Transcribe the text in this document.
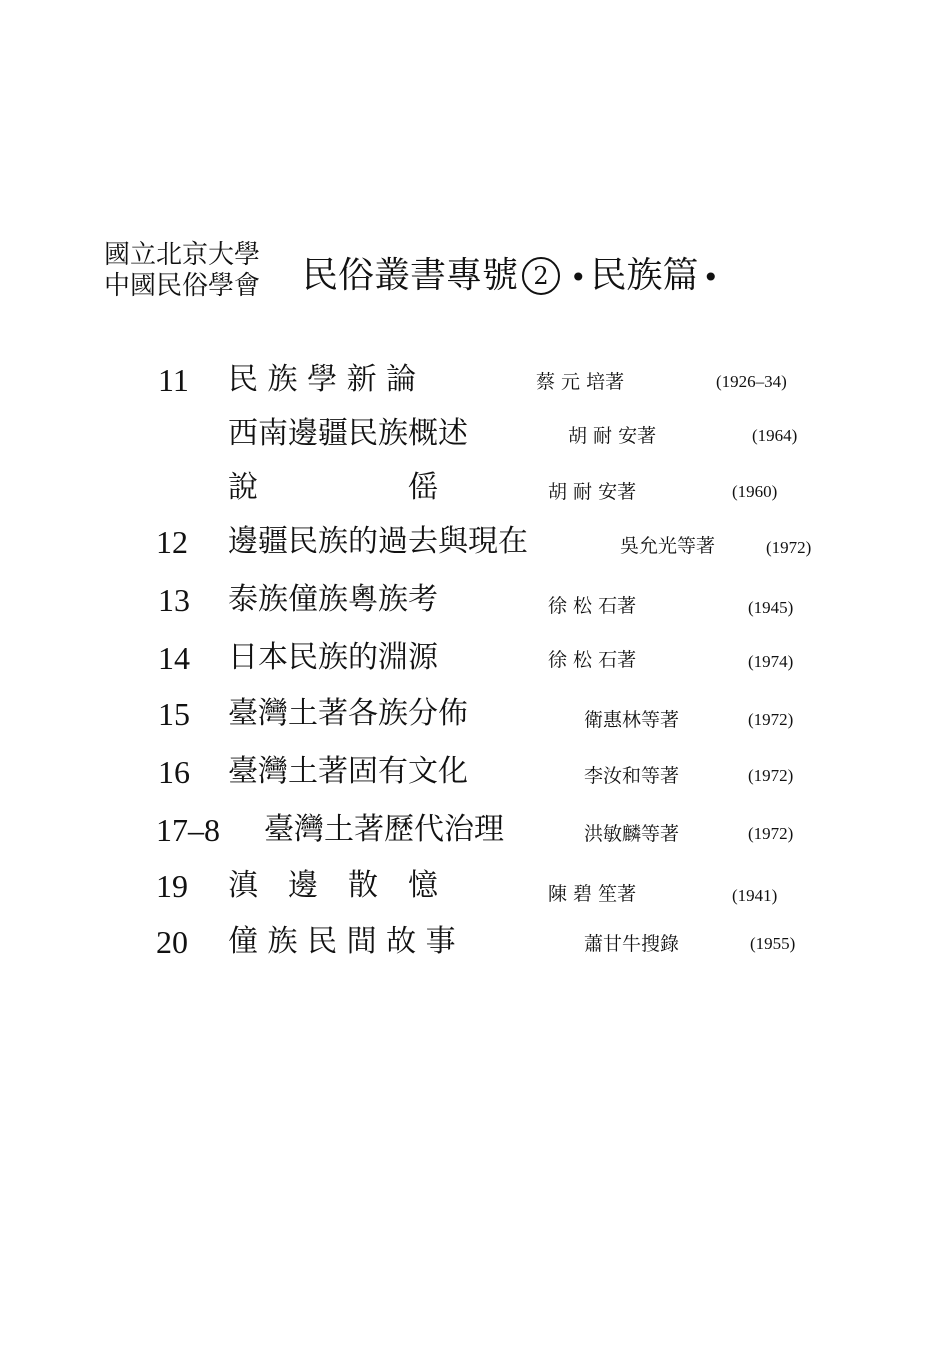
國立北京大學
中國民俗學會 民俗叢書專號 2 • 民族篇 •
11 民 族 學 新 論	蔡 元 培著	(1926–34)
西南邊疆民族概述	胡 耐 安著	(1964)
說　　　　　傜	胡 耐 安著	(1960)
12 邊疆民族的過去與現在	吳允光等著	(1972)
13 泰族僮族粵族考	徐 松 石著	(1945)
14 日本民族的淵源	徐 松 石著	(1974)
15 臺灣土著各族分佈	衛惠林等著	(1972)
16 臺灣土著固有文化	李汝和等著	(1972)
17–8 臺灣土著歷代治理	洪敏麟等著	(1972)
19 滇　邊　散　憶	陳 碧 笙著	(1941)
20 僮 族 民 間 故 事	蕭甘牛搜錄	(1955)
